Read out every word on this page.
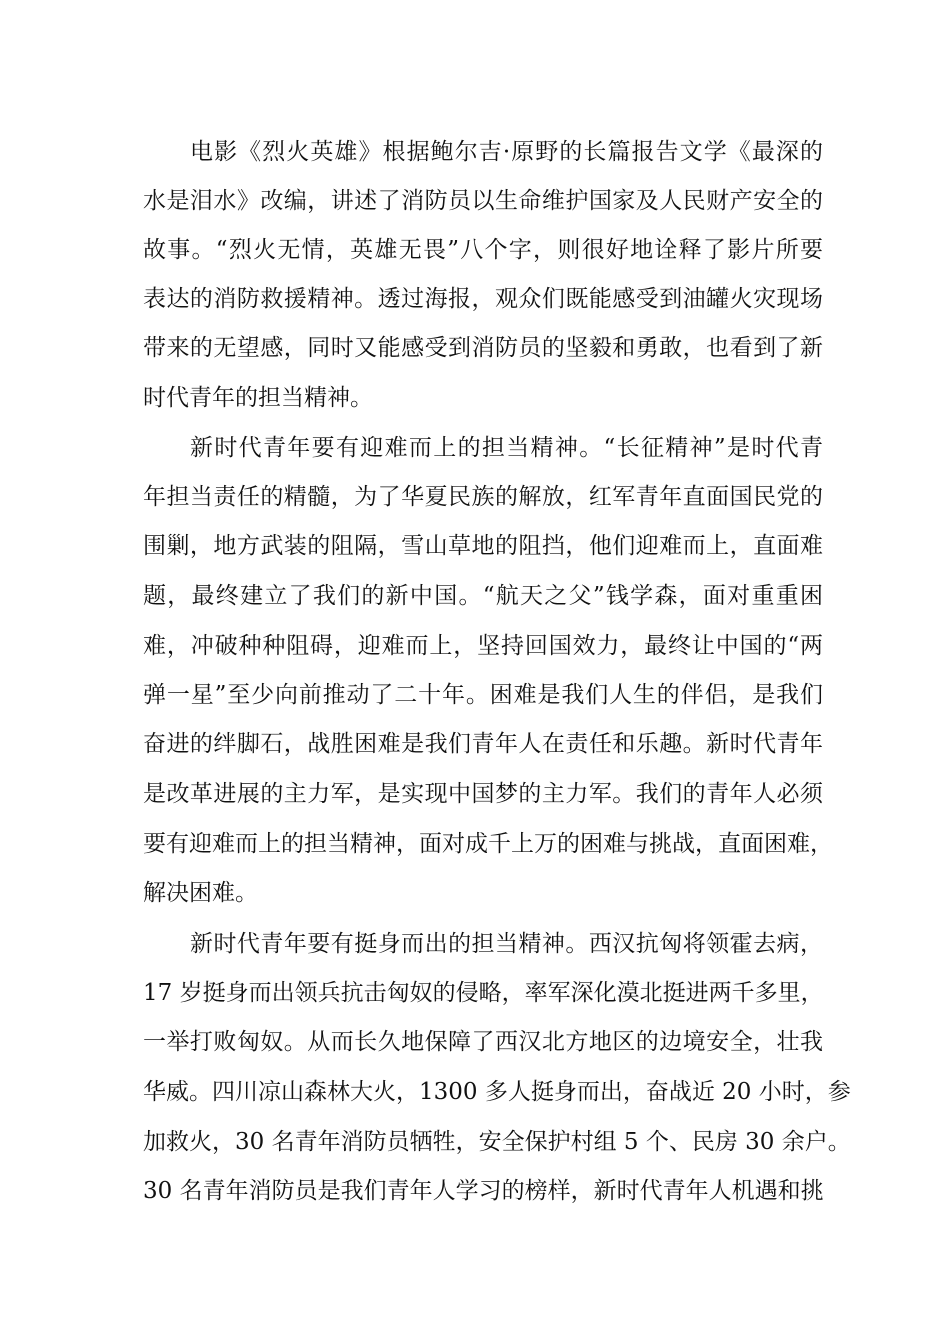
电影《烈火英雄》根据鲍尔吉·原野的长篇报告文学《最深的
水是泪水》改编，讲述了消防员以生命维护国家及人民财产安全的
故事。“烈火无情，英雄无畏”八个字，则很好地诠释了影片所要
表达的消防救援精神。透过海报，观众们既能感受到油罐火灾现场
带来的无望感，同时又能感受到消防员的坚毅和勇敢，也看到了新
时代青年的担当精神。
新时代青年要有迎难而上的担当精神。“长征精神”是时代青
年担当责任的精髓，为了华夏民族的解放，红军青年直面国民党的
围剿，地方武装的阻隔，雪山草地的阻挡，他们迎难而上，直面难
题，最终建立了我们的新中国。“航天之父”钱学森，面对重重困
难，冲破种种阻碍，迎难而上，坚持回国效力，最终让中国的“两
弹一星”至少向前推动了二十年。困难是我们人生的伴侣，是我们
奋进的绊脚石，战胜困难是我们青年人在责任和乐趣。新时代青年
是改革进展的主力军，是实现中国梦的主力军。我们的青年人必须
要有迎难而上的担当精神，面对成千上万的困难与挑战，直面困难，
解决困难。
新时代青年要有挺身而出的担当精神。西汉抗匈将领霍去病，
17 岁挺身而出领兵抗击匈奴的侵略，率军深化漠北挺进两千多里，
一举打败匈奴。从而长久地保障了西汉北方地区的边境安全，壮我
华威。四川凉山森林大火，1300 多人挺身而出，奋战近 20 小时，参
加救火，30 名青年消防员牺牲，安全保护村组 5 个、民房 30 余户。
30 名青年消防员是我们青年人学习的榜样，新时代青年人机遇和挑
